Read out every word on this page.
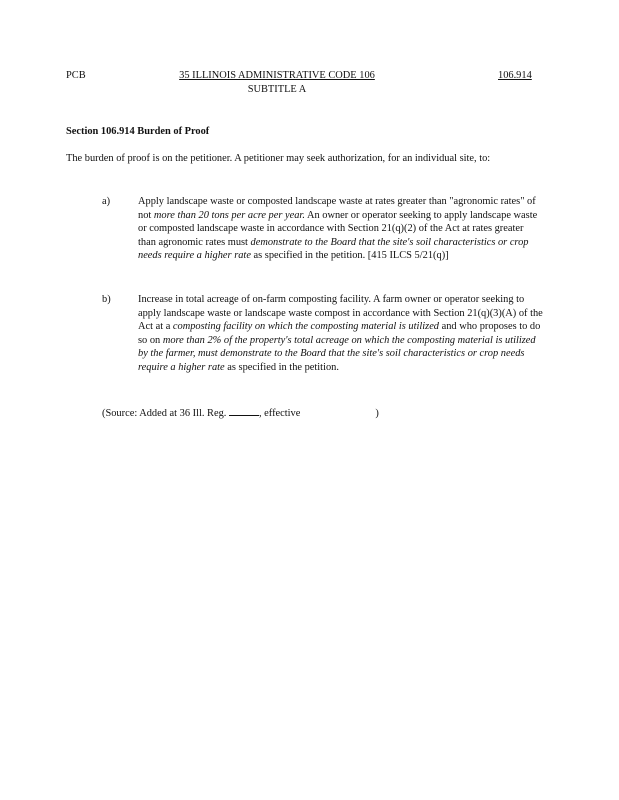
PCB	35 ILLINOIS ADMINISTRATIVE CODE 106
SUBTITLE A
106.914
Section 106.914 Burden of Proof
The burden of proof is on the petitioner. A petitioner may seek authorization, for an individual site, to:
a)	Apply landscape waste or composted landscape waste at rates greater than "agronomic rates" of not more than 20 tons per acre per year. An owner or operator seeking to apply landscape waste or composted landscape waste in accordance with Section 21(q)(2) of the Act at rates greater than agronomic rates must demonstrate to the Board that the site's soil characteristics or crop needs require a higher rate as specified in the petition. [415 ILCS 5/21(q)]
b)	Increase in total acreage of on-farm composting facility. A farm owner or operator seeking to apply landscape waste or landscape waste compost in accordance with Section 21(q)(3)(A) of the Act at a composting facility on which the composting material is utilized and who proposes to do so on more than 2% of the property's total acreage on which the composting material is utilized by the farmer, must demonstrate to the Board that the site's soil characteristics or crop needs require a higher rate as specified in the petition.
(Source: Added at 36 Ill. Reg.	, effective	)
